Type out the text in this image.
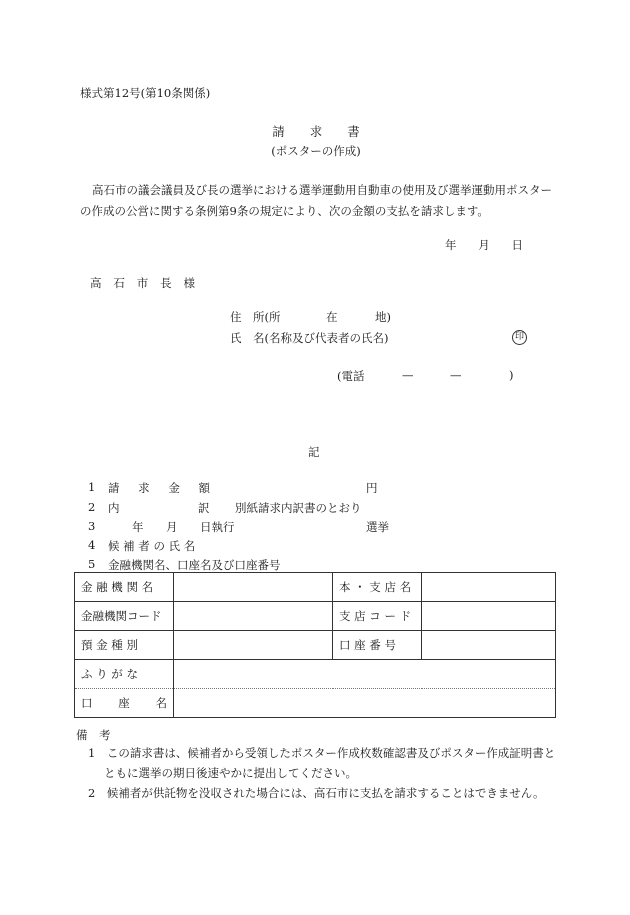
様式第12号(第10条関係)
請　　求　　書
(ポスターの作成)
高石市の議会議員及び長の選挙における選挙運動用自動車の使用及び選挙運動用ポスターの作成の公営に関する条例第9条の規定により、次の金額の支払を請求します。
年 月 日
高 石 市 長 様
住　所(所	在	地)
氏　名(名称及び代表者の氏名)	印
(電話	—	—	)
記
1 請 求 金 額	円
2 内	訳 別紙請求内訳書のとおり
3	年 月 日執行	選挙
4 候 補 者 の 氏 名
5 金融機関名、口座名及び口座番号
金 融 機 関 名		本 ・ 支 店 名	
金融機関コード		支 店 コ ー ド	
預 金 種 別		口 座 番 号	
ふ り が な			

口 座 名			

備　考
1　この請求書は、候補者から受領したポスター作成枚数確認書及びポスター作成証明書とともに選挙の期日後速やかに提出してください。
2　候補者が供託物を没収された場合には、高石市に支払を請求することはできません。
